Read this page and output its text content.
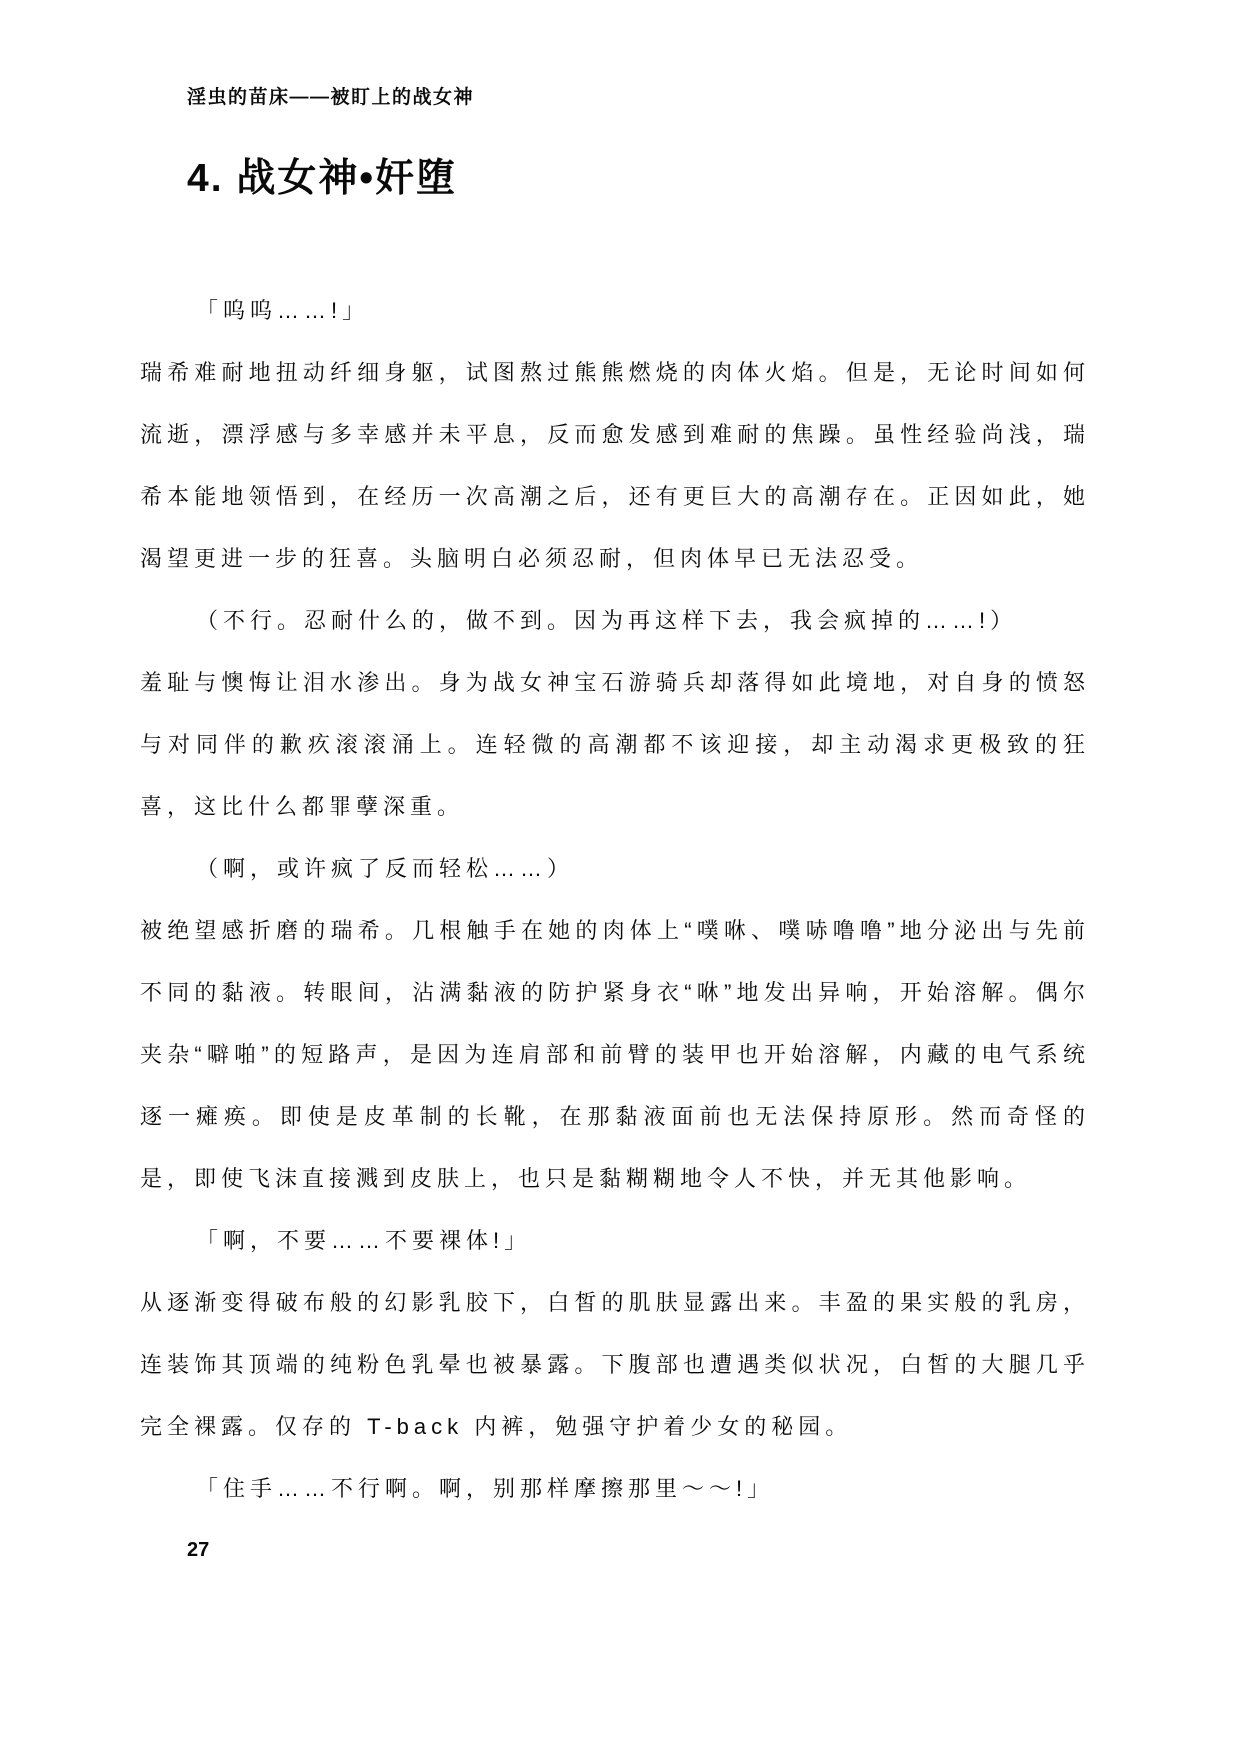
淫虫的苗床——被盯上的战女神
4. 战女神•奸堕

「呜呜……!」

瑞希难耐地扭动纤细身躯，试图熬过熊熊燃烧的肉体火焰。但是，无论时间如何流逝，漂浮感与多幸感并未平息，反而愈发感到难耐的焦躁。虽性经验尚浅，瑞希本能地领悟到，在经历一次高潮之后，还有更巨大的高潮存在。正因如此，她渴望更进一步的狂喜。头脑明白必须忍耐，但肉体早已无法忍受。

（不行。忍耐什么的，做不到。因为再这样下去，我会疯掉的……!）

羞耻与懊悔让泪水渗出。身为战女神宝石游骑兵却落得如此境地，对自身的愤怒与对同伴的歉疚滚滚涌上。连轻微的高潮都不该迎接，却主动渴求更极致的狂喜，这比什么都罪孽深重。

（啊，或许疯了反而轻松……）

被绝望感折磨的瑞希。几根触手在她的肉体上“噗咻、噗哧噜噜”地分泌出与先前不同的黏液。转眼间，沾满黏液的防护紧身衣“咻”地发出异响，开始溶解。偶尔夹杂“噼啪”的短路声，是因为连肩部和前臂的装甲也开始溶解，内藏的电气系统逐一瘫痪。即使是皮革制的长靴，在那黏液面前也无法保持原形。然而奇怪的是，即使飞沫直接溅到皮肤上，也只是黏糊糊地令人不快，并无其他影响。

「啊，不要……不要裸体!」

从逐渐变得破布般的幻影乳胶下，白皙的肌肤显露出来。丰盈的果实般的乳房，连装饰其顶端的纯粉色乳晕也被暴露。下腹部也遭遇类似状况，白皙的大腿几乎完全裸露。仅存的 T-back 内裤，勉强守护着少女的秘园。

「住手……不行啊。啊，别那样摩擦那里～～!」

27
